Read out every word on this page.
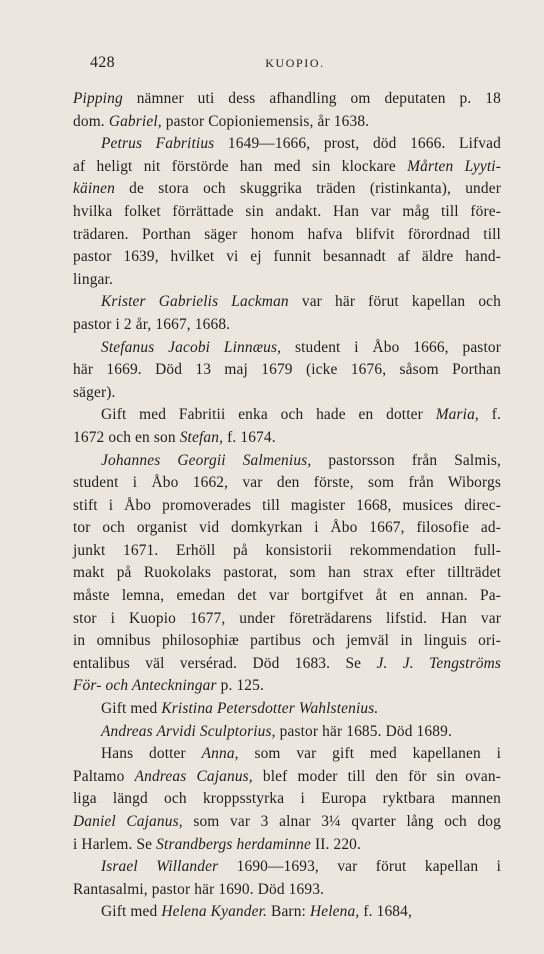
428	KUOPIO.
Pipping nämner uti dess afhandling om deputaten p. 18
dom. Gabriel, pastor Copioniemensis, år 1638.
Petrus Fabritius 1649—1666, prost, död 1666. Lifvad
af heligt nit förstörde han med sin klockare Mårten Lyyti-
käinen de stora och skuggrika träden (ristinkanta), under
hvilka folket förrättade sin andakt. Han var måg till före-
trädaren. Porthan säger honom hafva blifvit förordnad till
pastor 1639, hvilket vi ej funnit besannadt af äldre hand-
lingar.
Krister Gabrielis Lackman var här förut kapellan och
pastor i 2 år, 1667, 1668.
Stefanus Jacobi Linnæus, student i Åbo 1666, pastor
här 1669. Död 13 maj 1679 (icke 1676, såsom Porthan
säger).
Gift med Fabritii enka och hade en dotter Maria, f.
1672 och en son Stefan, f. 1674.
Johannes Georgii Salmenius, pastorsson från Salmis,
student i Åbo 1662, var den förste, som från Wiborgs
stift i Åbo promoverades till magister 1668, musices direc-
tor och organist vid domkyrkan i Åbo 1667, filosofie ad-
junkt 1671. Erhöll på konsistorii rekommendation full-
makt på Ruokolaks pastorat, som han strax efter tillträdet
måste lemna, emedan det var bortgifvet åt en annan. Pa-
stor i Kuopio 1677, under företrädarens lifstid. Han var
in omnibus philosophiæ partibus och jemväl in linguis ori-
entalibus väl versérad. Död 1683. Se J. J. Tengströms
För- och Anteckningar p. 125.
Gift med Kristina Petersdotter Wahlstenius.
Andreas Arvidi Sculptorius, pastor här 1685. Död 1689.
Hans dotter Anna, som var gift med kapellanen i
Paltamo Andreas Cajanus, blef moder till den för sin ovan-
liga längd och kroppsstyrka i Europa ryktbara mannen
Daniel Cajanus, som var 3 alnar 3¼ qvarter lång och dog
i Harlem. Se Strandbergs herdaminne II. 220.
Israel Willander 1690—1693, var förut kapellan i
Rantasalmi, pastor här 1690. Död 1693.
Gift med Helena Kyander. Barn: Helena, f. 1684,
